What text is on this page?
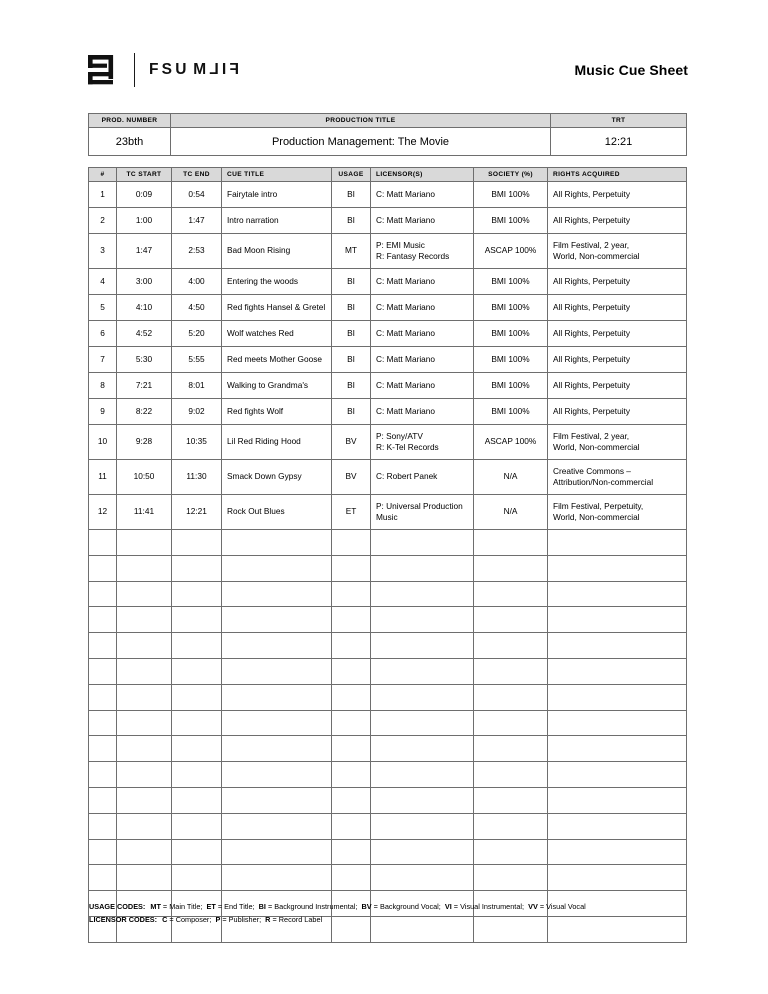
FSU FILM	Music Cue Sheet
PROD. NUMBER	PRODUCTION TITLE	TRT
23bth	Production Management: The Movie	12:21
#	TC START	TC END	CUE TITLE	USAGE	LICENSOR(S)	SOCIETY (%)	RIGHTS ACQUIRED
1	0:09	0:54	Fairytale intro	BI	C: Matt Mariano	BMI 100%	All Rights, Perpetuity
2	1:00	1:47	Intro narration	BI	C: Matt Mariano	BMI 100%	All Rights, Perpetuity
3	1:47	2:53	Bad Moon Rising	MT	P: EMI Music
R: Fantasy Records	ASCAP 100%	Film Festival, 2 year,
World, Non-commercial

4	3:00	4:00	Entering the woods	BI	C: Matt Mariano	BMI 100%	All Rights, Perpetuity
5	4:10	4:50	Red fights Hansel & Gretel	BI	C: Matt Mariano	BMI 100%	All Rights, Perpetuity
6	4:52	5:20	Wolf watches Red	BI	C: Matt Mariano	BMI 100%	All Rights, Perpetuity
7	5:30	5:55	Red meets Mother Goose	BI	C: Matt Mariano	BMI 100%	All Rights, Perpetuity
8	7:21	8:01	Walking to Grandma's	BI	C: Matt Mariano	BMI 100%	All Rights, Perpetuity
9	8:22	9:02	Red fights Wolf	BI	C: Matt Mariano	BMI 100%	All Rights, Perpetuity
10	9:28	10:35	Lil Red Riding Hood	BV	P: Sony/ATV
R: K-Tel Records	ASCAP 100%	Film Festival, 2 year,
World, Non-commercial

11	10:50	11:30	Smack Down Gypsy	BV	C: Robert Panek	N/A	Creative Commons –
Attribution/Non-commercial

12	11:41	12:21	Rock Out Blues	ET	P: Universal Production
Music	N/A	Film Festival, Perpetuity,
World, Non-commercial

USAGE CODES: MT = Main Title;  ET = End Title;  BI = Background Instrumental;  BV = Background Vocal;  VI = Visual Instrumental;  VV = Visual Vocal
LICENSOR CODES: C = Composer;  P = Publisher;  R = Record Label
